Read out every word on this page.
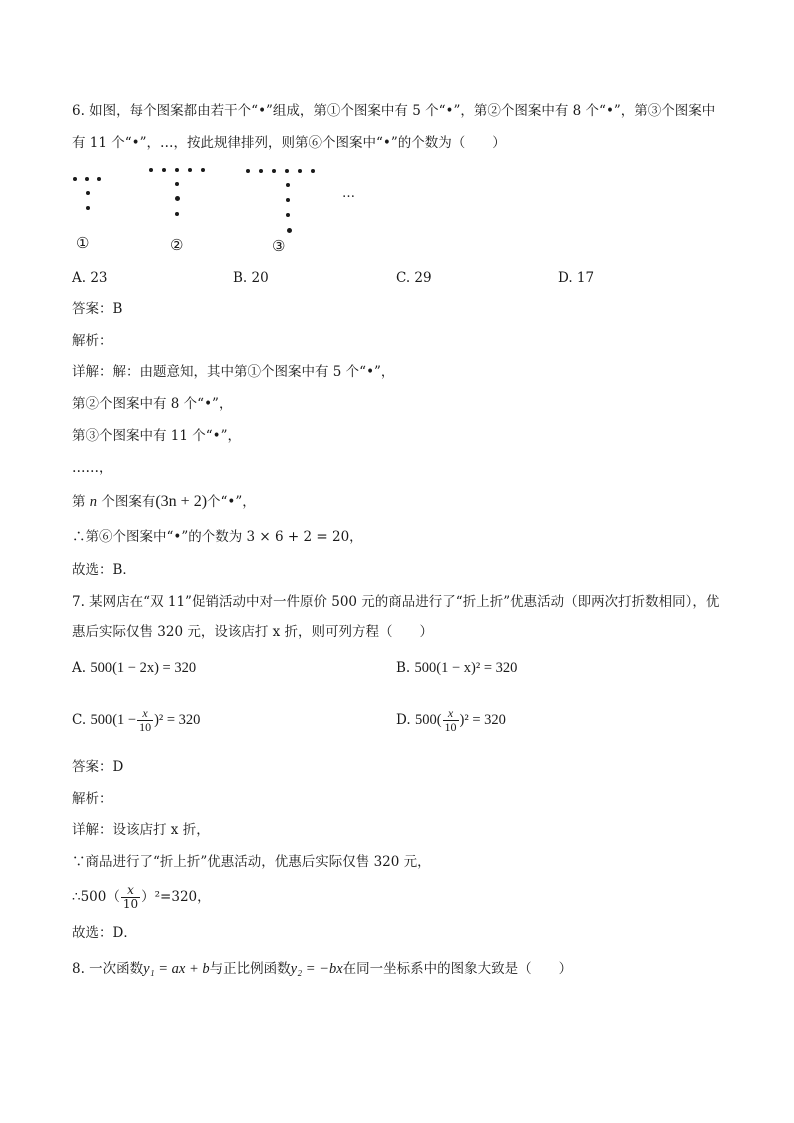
6. 如图，每个图案都由若干个“•”组成，第①个图案中有 5 个“•”，第②个图案中有 8 个“•”，第③个图案中
有 11 个“•”，…，按此规律排列，则第⑥个图案中“•”的个数为（　　）
…
①	②	③
A. 23	B. 20	C. 29	D. 17
答案：B
解析：
详解：解：由题意知，其中第①个图案中有 5 个“•”，
第②个图案中有 8 个“•”，
第③个图案中有 11 个“•”，
……，
第 n 个图案有(3n + 2)个“•”，
∴第⑥个图案中“•”的个数为 3 × 6 + 2 = 20，
故选：B．
7. 某网店在“双 11”促销活动中对一件原价 500 元的商品进行了“折上折”优惠活动（即两次打折数相同），优
惠后实际仅售 320 元，设该店打 x 折，则可列方程（　　）
A. 500(1 − 2x) = 320	B. 500(1 − x)² = 320
C. $500(1 - \frac{x}{10} )^2 = 320$	D. $500( \frac{x}{10} )^2 = 320$
答案：D
解析：
详解：设该店打 x 折，
∵商品进行了“折上折”优惠活动，优惠后实际仅售 320 元，
∴500（ $\frac{x}{10} )^2=320$，
故选：D．
8. 一次函数y₁ = ax + b与正比例函数y₂ = −bx在同一坐标系中的图象大致是（　　）
